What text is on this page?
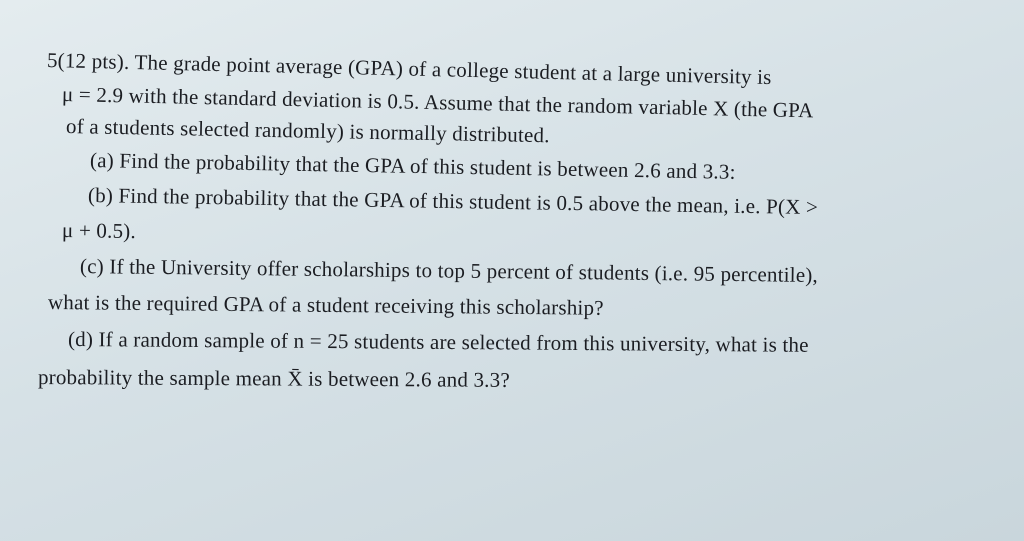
5(12 pts). The grade point average (GPA) of a college student at a large university is
μ = 2.9 with the standard deviation is 0.5. Assume that the random variable X (the GPA
of a students selected randomly) is normally distributed.
(a) Find the probability that the GPA of this student is between 2.6 and 3.3:
(b) Find the probability that the GPA of this student is 0.5 above the mean, i.e. P(X >
μ + 0.5).
(c) If the University offer scholarships to top 5 percent of students (i.e. 95 percentile),
what is the required GPA of a student receiving this scholarship?
(d) If a random sample of n = 25 students are selected from this university, what is the
probability the sample mean X̄ is between 2.6 and 3.3?
